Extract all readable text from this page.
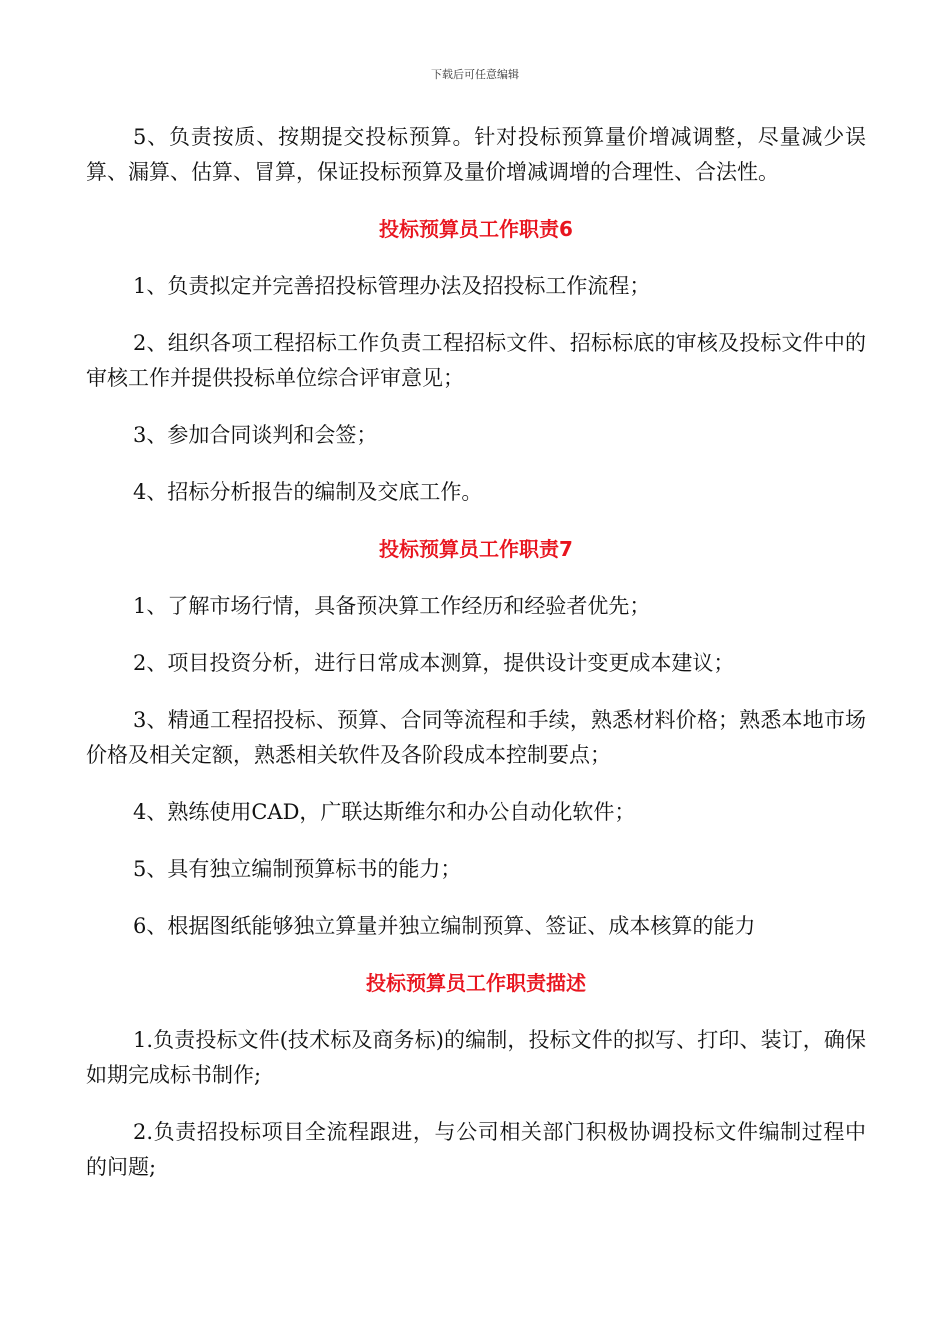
下载后可任意编辑

5、负责按质、按期提交投标预算。针对投标预算量价增减调整，尽量减少误算、漏算、估算、冒算，保证投标预算及量价增减调增的合理性、合法性。

投标预算员工作职责6

1、负责拟定并完善招投标管理办法及招投标工作流程；

2、组织各项工程招标工作负责工程招标文件、招标标底的审核及投标文件中的审核工作并提供投标单位综合评审意见；

3、参加合同谈判和会签；

4、招标分析报告的编制及交底工作。

投标预算员工作职责7

1、了解市场行情，具备预决算工作经历和经验者优先；

2、项目投资分析，进行日常成本测算，提供设计变更成本建议；

3、精通工程招投标、预算、合同等流程和手续，熟悉材料价格；熟悉本地市场价格及相关定额，熟悉相关软件及各阶段成本控制要点；

4、熟练使用CAD，广联达斯维尔和办公自动化软件；

5、具有独立编制预算标书的能力；

6、根据图纸能够独立算量并独立编制预算、签证、成本核算的能力

投标预算员工作职责描述

1.负责投标文件(技术标及商务标)的编制，投标文件的拟写、打印、装订，确保如期完成标书制作;

2.负责招投标项目全流程跟进，与公司相关部门积极协调投标文件编制过程中的问题;
